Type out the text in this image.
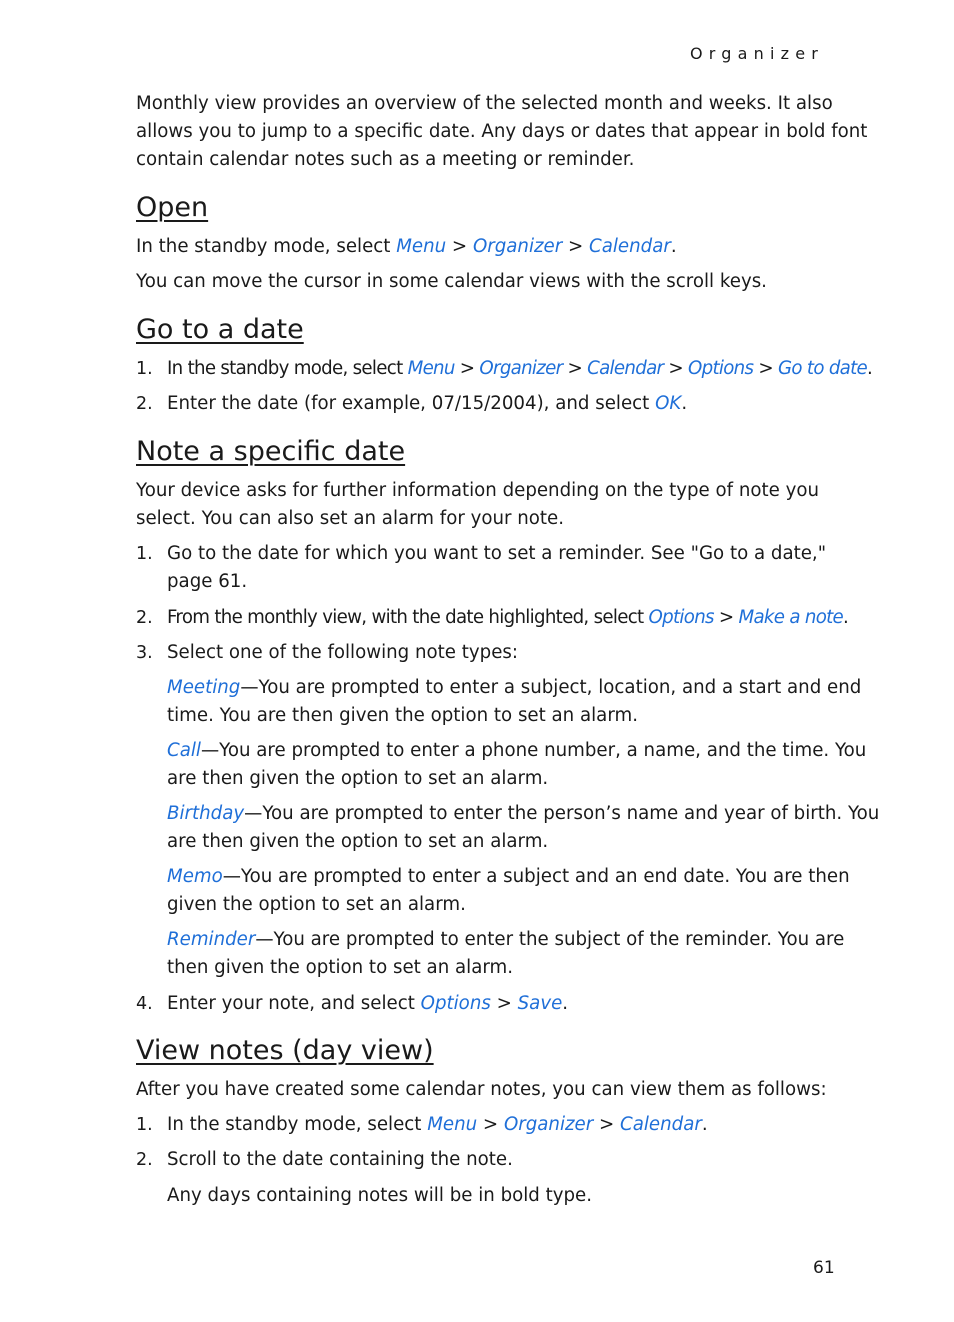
Organizer
Monthly view provides an overview of the selected month and weeks. It also
allows you to jump to a specific date. Any days or dates that appear in bold font
contain calendar notes such as a meeting or reminder.
Open
In the standby mode, select Menu > Organizer > Calendar.
You can move the cursor in some calendar views with the scroll keys.
Go to a date
1. In the standby mode, select Menu > Organizer > Calendar > Options > Go to date.
2. Enter the date (for example, 07/15/2004), and select OK.
Note a specific date
Your device asks for further information depending on the type of note you
select. You can also set an alarm for your note.
1. Go to the date for which you want to set a reminder. See "Go to a date,"
page 61.
2. From the monthly view, with the date highlighted, select Options > Make a note.
3. Select one of the following note types:
Meeting—You are prompted to enter a subject, location, and a start and end
time. You are then given the option to set an alarm.
Call—You are prompted to enter a phone number, a name, and the time. You
are then given the option to set an alarm.
Birthday—You are prompted to enter the person’s name and year of birth. You
are then given the option to set an alarm.
Memo—You are prompted to enter a subject and an end date. You are then
given the option to set an alarm.
Reminder—You are prompted to enter the subject of the reminder. You are
then given the option to set an alarm.
4. Enter your note, and select Options > Save.
View notes (day view)
After you have created some calendar notes, you can view them as follows:
1. In the standby mode, select Menu > Organizer > Calendar.
2. Scroll to the date containing the note.
Any days containing notes will be in bold type.
61
